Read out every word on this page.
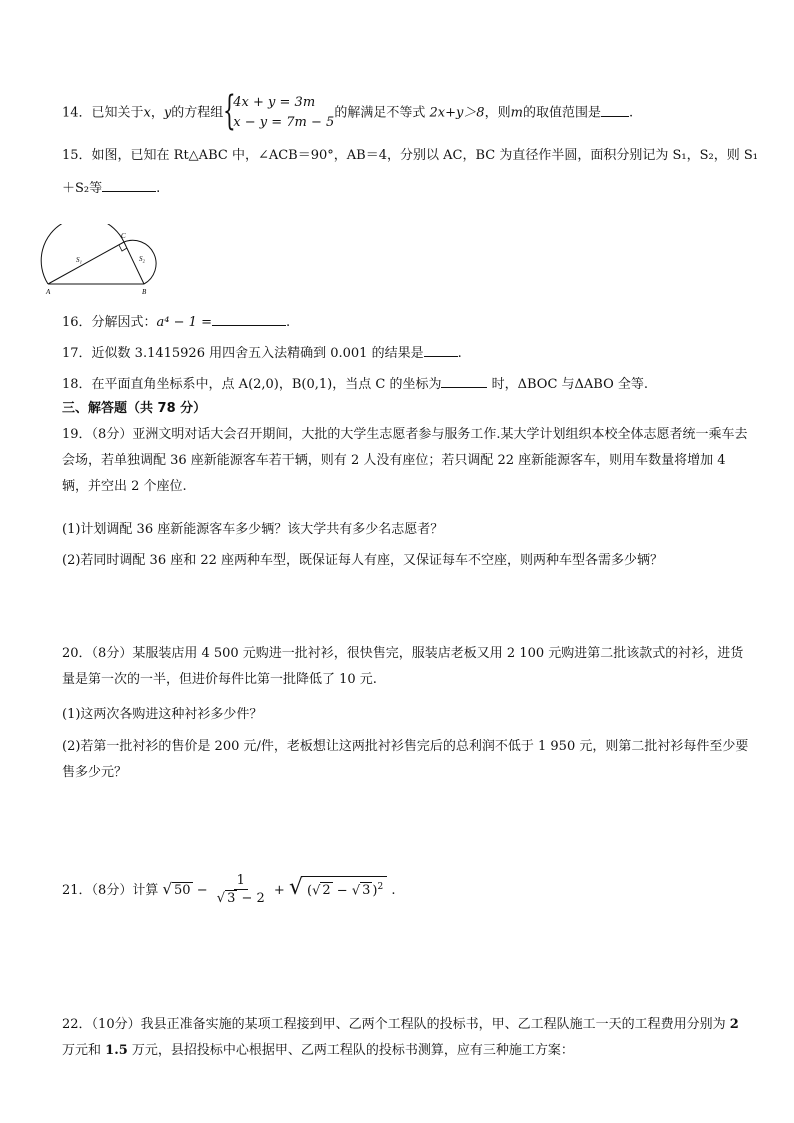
14．已知关于x，y的方程组 {
4x + y = 3m
x − y = 7m − 5
的解满足不等式 2x+y＞8，则m的取值范围是 .
15．如图，已知在 Rt△ABC 中，∠ACB＝90°，AB＝4，分别以 AC，BC 为直径作半圆，面积分别记为 S₁，S₂，则 S₁
＋S₂等	.
A	B
C
S₁	S₂
16．分解因式：a⁴ − 1 =	.
17．近似数 3.1415926 用四舍五入法精确到 0.001 的结果是	.
18．在平面直角坐标系中，点 A(2,0)，B(0,1)，当点 C 的坐标为	时，ΔBOC 与ΔABO 全等.
三、解答题（共 78 分）
19．（8分）亚洲文明对话大会召开期间，大批的大学生志愿者参与服务工作.某大学计划组织本校全体志愿者统一乘车去会场，若单独调配 36 座新能源客车若干辆，则有 2 人没有座位；若只调配 22 座新能源客车，则用车数量将增加 4 辆，并空出 2 个座位.
(1)计划调配 36 座新能源客车多少辆？该大学共有多少名志愿者？
(2)若同时调配 36 座和 22 座两种车型，既保证每人有座，又保证每车不空座，则两种车型各需多少辆？
20．（8分）某服装店用 4 500 元购进一批衬衫，很快售完，服装店老板又用 2 100 元购进第二批该款式的衬衫，进货量是第一次的一半，但进价每件比第一批降低了 10 元.
(1)这两次各购进这种衬衫多少件？
(2)若第一批衬衫的售价是 200 元/件，老板想让这两批衬衫售完后的总利润不低于 1 950 元，则第二批衬衫每件至少要售多少元？
21．（8分）计算 √ $50 - \frac{1}{√ 3 - 2}$ + √ (√ 2 − √ 3 )$^2$ .
22．（10分）我县正准备实施的某项工程接到甲、乙两个工程队的投标书，甲、乙工程队施工一天的工程费用分别为 2
万元和 1.5 万元，县招投标中心根据甲、乙两工程队的投标书测算，应有三种施工方案：
